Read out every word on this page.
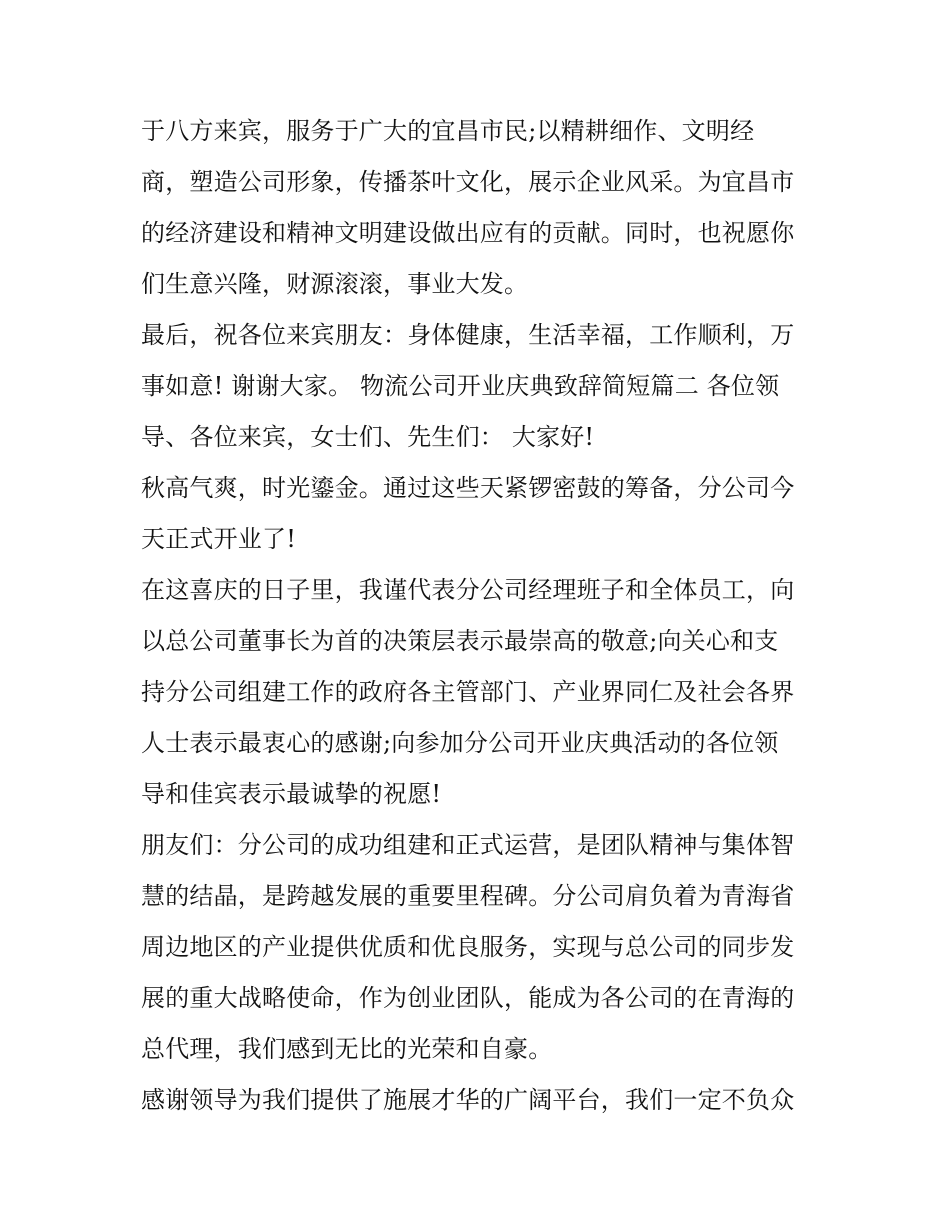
于八方来宾，服务于广大的宜昌市民;以精耕细作、文明经
商，塑造公司形象，传播茶叶文化，展示企业风采。为宜昌市
的经济建设和精神文明建设做出应有的贡献。同时，也祝愿你
们生意兴隆，财源滚滚，事业大发。
最后，祝各位来宾朋友：身体健康，生活幸福，工作顺利，万
事如意! 谢谢大家。 物流公司开业庆典致辞简短篇二 各位领
导、各位来宾，女士们、先生们： 大家好!
秋高气爽，时光鎏金。通过这些天紧锣密鼓的筹备，分公司今
天正式开业了!
在这喜庆的日子里，我谨代表分公司经理班子和全体员工，向
以总公司董事长为首的决策层表示最崇高的敬意;向关心和支
持分公司组建工作的政府各主管部门、产业界同仁及社会各界
人士表示最衷心的感谢;向参加分公司开业庆典活动的各位领
导和佳宾表示最诚挚的祝愿!
朋友们：分公司的成功组建和正式运营，是团队精神与集体智
慧的结晶，是跨越发展的重要里程碑。分公司肩负着为青海省
周边地区的产业提供优质和优良服务，实现与总公司的同步发
展的重大战略使命，作为创业团队，能成为各公司的在青海的
总代理，我们感到无比的光荣和自豪。
感谢领导为我们提供了施展才华的广阔平台，我们一定不负众
